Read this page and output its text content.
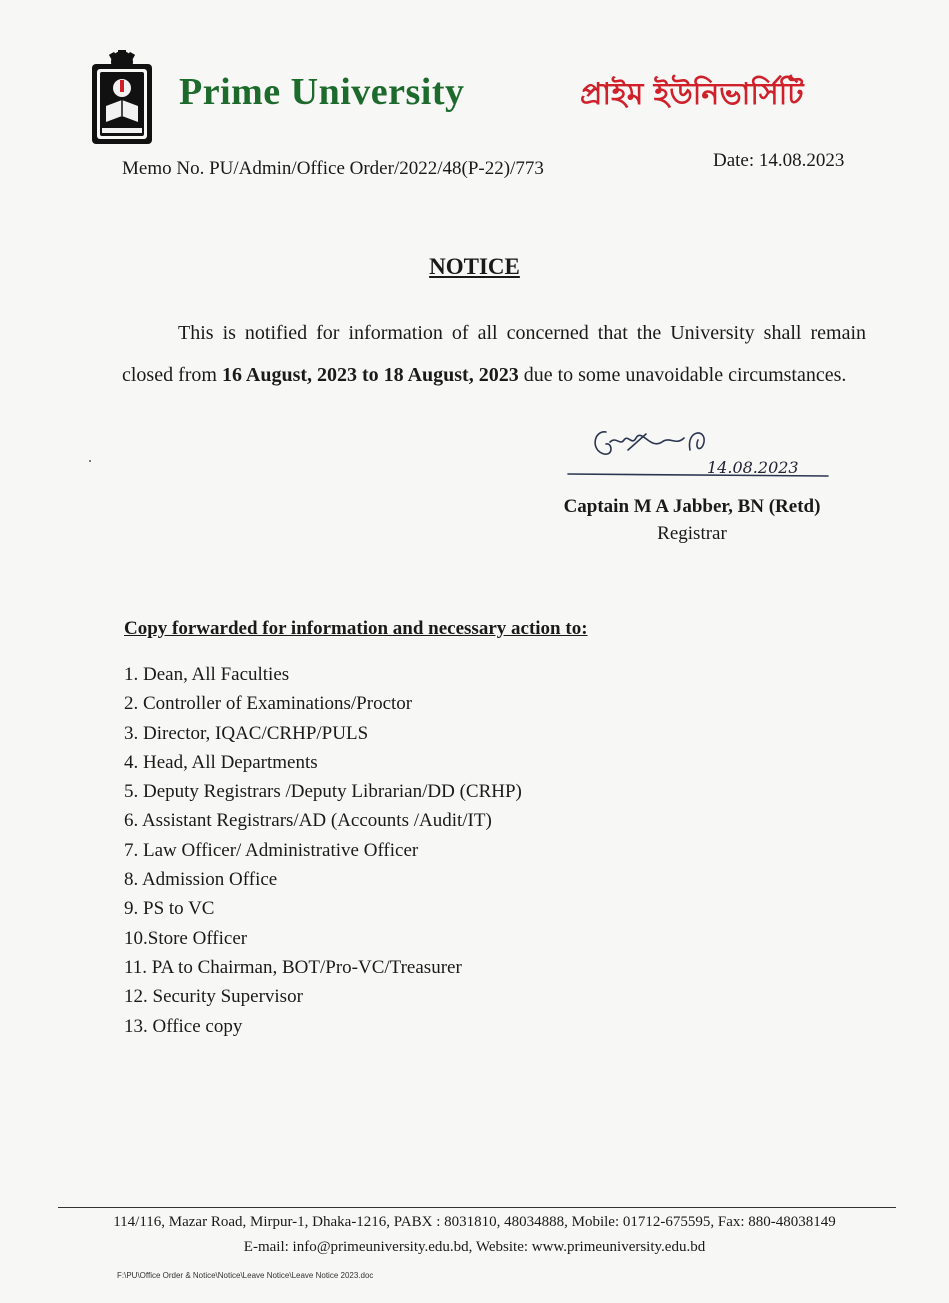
Prime University	প্রাইম ইউনিভার্সিটি
Memo No. PU/Admin/Office Order/2022/48(P-22)/773	Date: 14.08.2023
NOTICE
This is notified for information of all concerned that the University shall remain closed from 16 August, 2023 to 18 August, 2023 due to some unavoidable circumstances.
14.08.2023
Captain M A Jabber, BN (Retd)
Registrar
Copy forwarded for information and necessary action to:
1. Dean, All Faculties
2. Controller of Examinations/Proctor
3. Director, IQAC/CRHP/PULS
4. Head, All Departments
5. Deputy Registrars /Deputy Librarian/DD (CRHP)
6. Assistant Registrars/AD (Accounts /Audit/IT)
7. Law Officer/ Administrative Officer
8. Admission Office
9. PS to VC
10.Store Officer
11. PA to Chairman, BOT/Pro-VC/Treasurer
12. Security Supervisor
13. Office copy
114/116, Mazar Road, Mirpur-1, Dhaka-1216, PABX : 8031810, 48034888, Mobile: 01712-675595, Fax: 880-48038149
E-mail: info@primeuniversity.edu.bd, Website: www.primeuniversity.edu.bd
F:\PU\Office Order & Notice\Notice\Leave Notice\Leave Notice 2023.doc
